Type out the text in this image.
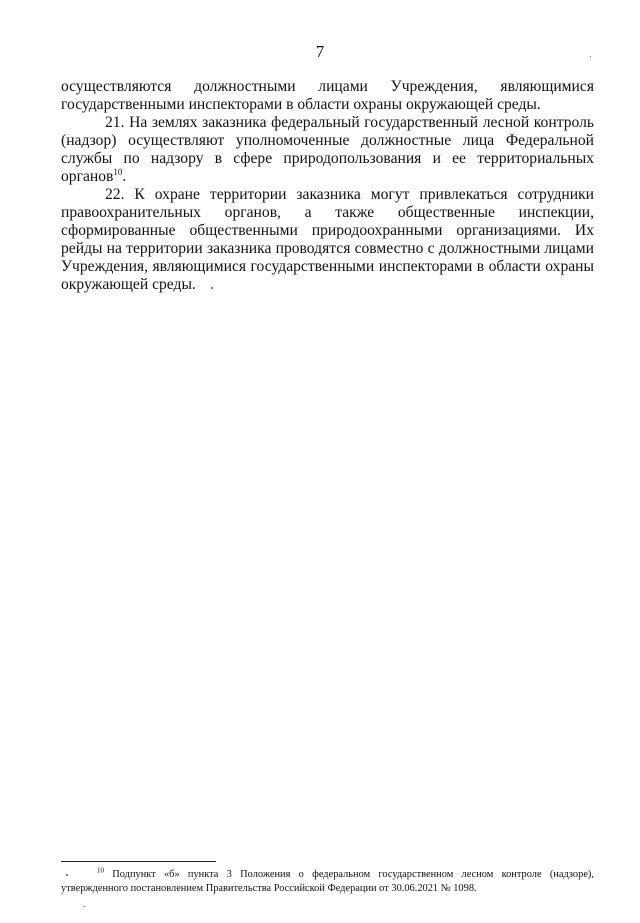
7

осуществляются должностными лицами Учреждения, являющимися государственными инспекторами в области охраны окружающей среды.

21. На землях заказника федеральный государственный лесной контроль (надзор) осуществляют уполномоченные должностные лица Федеральной службы по надзору в сфере природопользования и ее территориальных органов$^{10}$.

22. К охране территории заказника могут привлекаться сотрудники правоохранительных органов, а также общественные инспекции, сформированные общественными природоохранными организациями. Их рейды на территории заказника проводятся совместно с должностными лицами Учреждения, являющимися государственными инспекторами в области охраны окружающей среды.

$^{10}$ Подпункт «б» пункта 3 Положения о федеральном государственном лесном контроле (надзоре), утвержденного постановлением Правительства Российской Федерации от 30.06.2021 № 1098.
